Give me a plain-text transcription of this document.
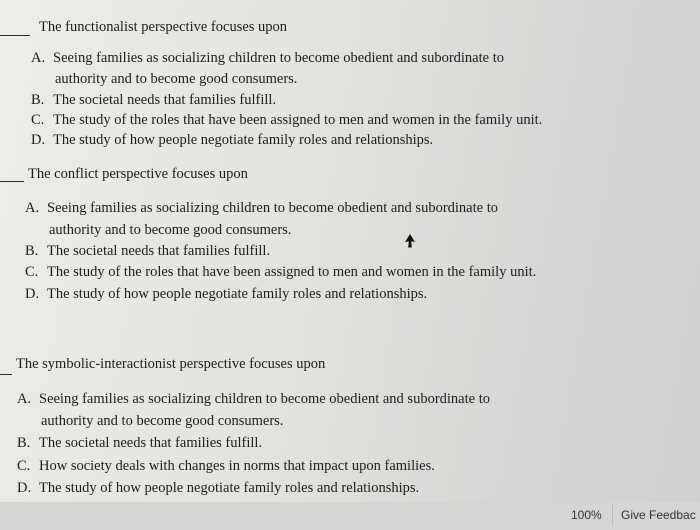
The functionalist perspective focuses upon
A. Seeing families as socializing children to become obedient and subordinate to
authority and to become good consumers.
B. The societal needs that families fulfill.
C. The study of the roles that have been assigned to men and women in the family unit.
D. The study of how people negotiate family roles and relationships.
The conflict perspective focuses upon
A. Seeing families as socializing children to become obedient and subordinate to
authority and to become good consumers.
B. The societal needs that families fulfill.
C. The study of the roles that have been assigned to men and women in the family unit.
D. The study of how people negotiate family roles and relationships.
The symbolic-interactionist perspective focuses upon
A. Seeing families as socializing children to become obedient and subordinate to
authority and to become good consumers.
B. The societal needs that families fulfill.
C. How society deals with changes in norms that impact upon families.
D. The study of how people negotiate family roles and relationships.
100%	Give Feedbac
